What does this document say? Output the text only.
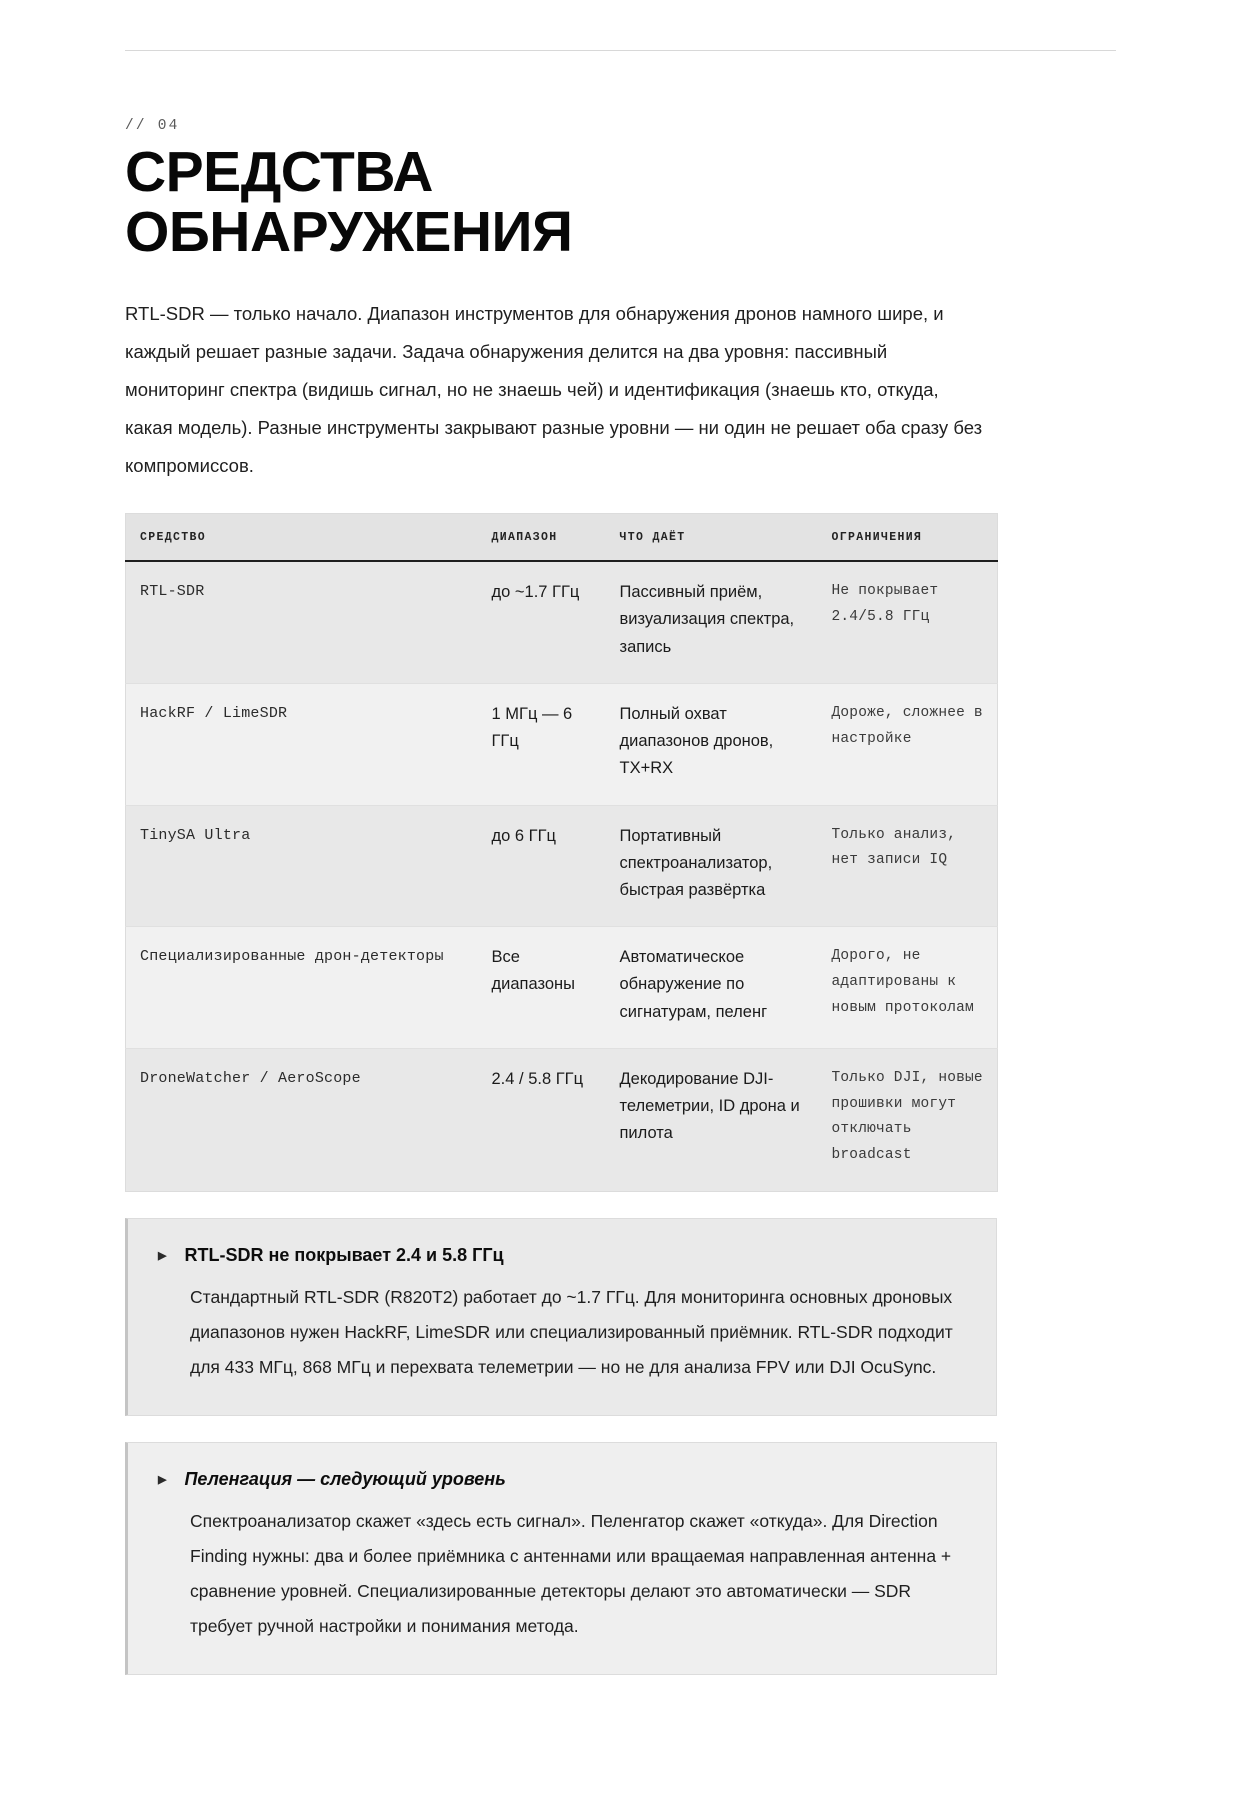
// 04
СРЕДСТВА
ОБНАРУЖЕНИЯ

RTL-SDR — только начало. Диапазон инструментов для обнаружения дронов намного шире, и каждый решает разные задачи. Задача обнаружения делится на два уровня: пассивный мониторинг спектра (видишь сигнал, но не знаешь чей) и идентификация (знаешь кто, откуда, какая модель). Разные инструменты закрывают разные уровни — ни один не решает оба сразу без компромиссов.

СРЕДСТВО	ДИАПАЗОН	ЧТО ДАЁТ	ОГРАНИЧЕНИЯ
RTL-SDR	до ~1.7 ГГц	Пассивный приём, визуализация спектра, запись	Не покрывает 2.4/5.8 ГГц
HackRF / LimeSDR	1 МГц — 6 ГГц	Полный охват диапазонов дронов, TX+RX	Дороже, сложнее в настройке
TinySA Ultra	до 6 ГГц	Портативный спектроанализатор, быстрая развёртка	Только анализ, нет записи IQ
Специализированные дрон-детекторы	Все диапазоны	Автоматическое обнаружение по сигнатурам, пеленг	Дорого, не адаптированы к новым протоколам
DroneWatcher / AeroScope	2.4 / 5.8 ГГц	Декодирование DJI-телеметрии, ID дрона и пилота	Только DJI, новые прошивки могут отключать broadcast
▶ RTL-SDR не покрывает 2.4 и 5.8 ГГц

Стандартный RTL-SDR (R820T2) работает до ~1.7 ГГц. Для мониторинга основных дроновых диапазонов нужен HackRF, LimeSDR или специализированный приёмник. RTL-SDR подходит для 433 МГц, 868 МГц и перехвата телеметрии — но не для анализа FPV или DJI OcuSync.

▶ Пеленгация — следующий уровень

Спектроанализатор скажет «здесь есть сигнал». Пеленгатор скажет «откуда». Для Direction Finding нужны: два и более приёмника с антеннами или вращаемая направленная антенна + сравнение уровней. Специализированные детекторы делают это автоматически — SDR требует ручной настройки и понимания метода.
